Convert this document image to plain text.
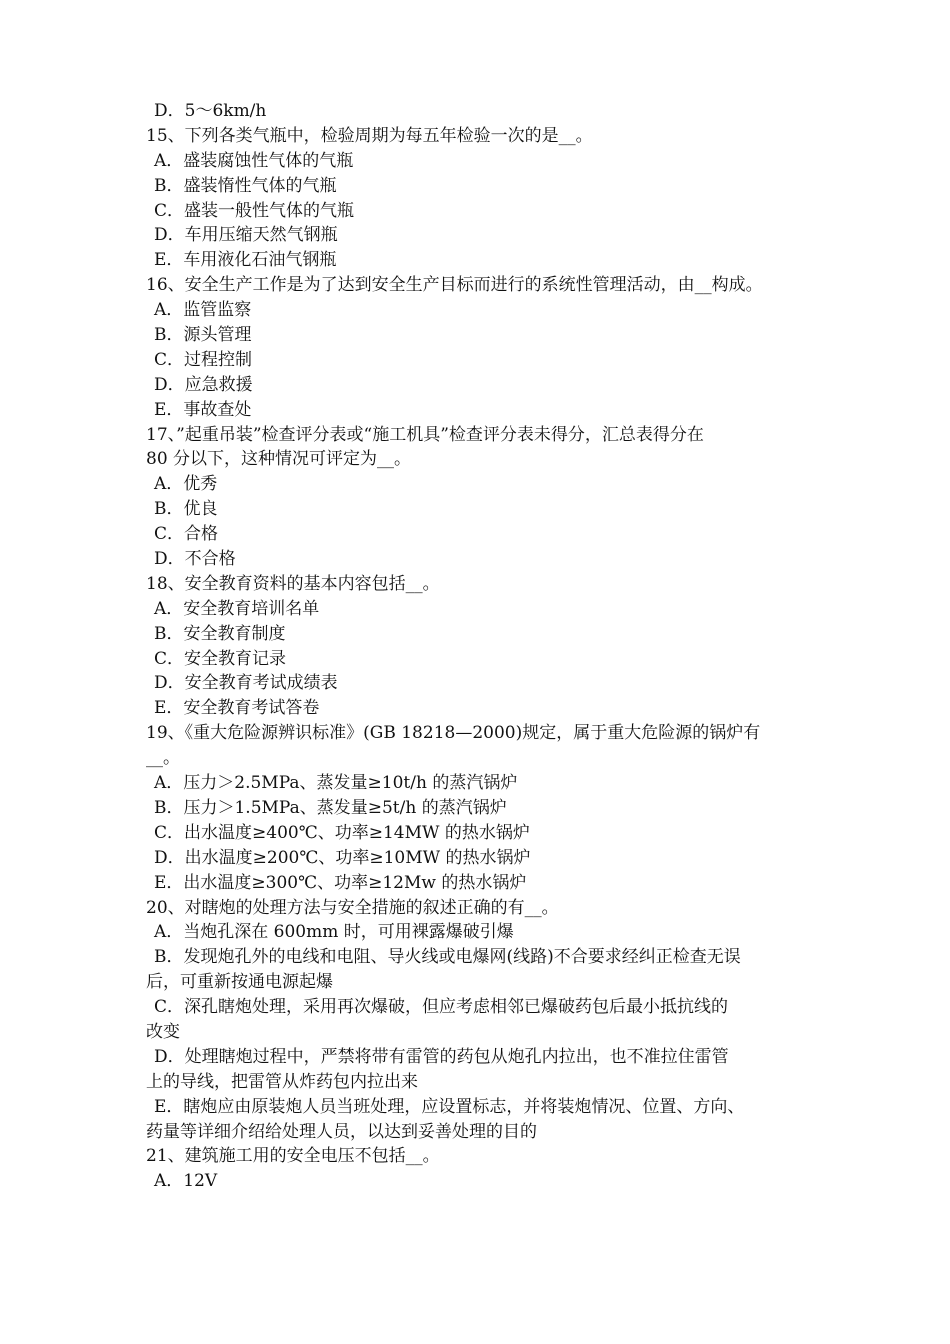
D．5～6km/h
15、下列各类气瓶中，检验周期为每五年检验一次的是__。
A．盛装腐蚀性气体的气瓶
B．盛装惰性气体的气瓶
C．盛装一般性气体的气瓶
D．车用压缩天然气钢瓶
E．车用液化石油气钢瓶
16、安全生产工作是为了达到安全生产目标而进行的系统性管理活动，由__构成。
A．监管监察
B．源头管理
C．过程控制
D．应急救援
E．事故查处
17、”起重吊装”检查评分表或“施工机具”检查评分表未得分，汇总表得分在
80 分以下，这种情况可评定为__。
A．优秀
B．优良
C．合格
D．不合格
18、安全教育资料的基本内容包括__。
A．安全教育培训名单
B．安全教育制度
C．安全教育记录
D．安全教育考试成绩表
E．安全教育考试答卷
19、《重大危险源辨识标准》(GB 18218—2000)规定，属于重大危险源的锅炉有
__。
A．压力＞2.5MPa、蒸发量≥10t/h 的蒸汽锅炉
B．压力＞1.5MPa、蒸发量≥5t/h 的蒸汽锅炉
C．出水温度≥400℃、功率≥14MW 的热水锅炉
D．出水温度≥200℃、功率≥10MW 的热水锅炉
E．出水温度≥300℃、功率≥12Mw 的热水锅炉
20、对瞎炮的处理方法与安全措施的叙述正确的有__。
A．当炮孔深在 600mm 时，可用裸露爆破引爆
B．发现炮孔外的电线和电阻、导火线或电爆网(线路)不合要求经纠正检查无误
后，可重新按通电源起爆
C．深孔瞎炮处理，采用再次爆破，但应考虑相邻已爆破药包后最小抵抗线的
改变
D．处理瞎炮过程中，严禁将带有雷管的药包从炮孔内拉出，也不准拉住雷管
上的导线，把雷管从炸药包内拉出来
E．瞎炮应由原装炮人员当班处理，应设置标志，并将装炮情况、位置、方向、
药量等详细介绍给处理人员，以达到妥善处理的目的
21、建筑施工用的安全电压不包括__。
A．12V
